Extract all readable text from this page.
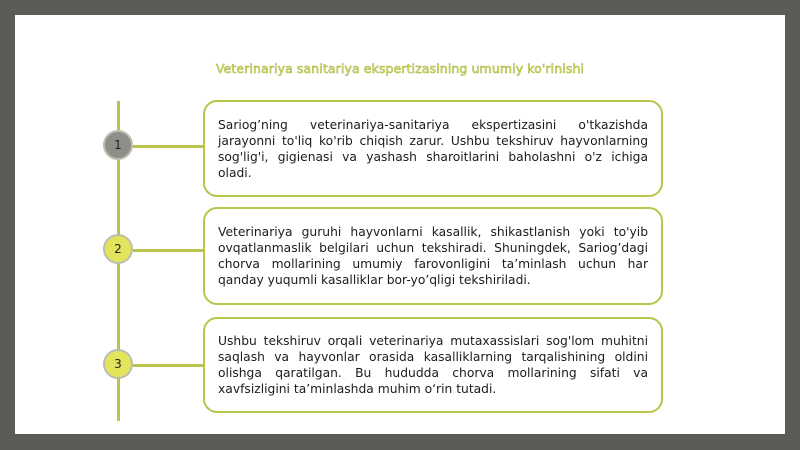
Veterinariya sanitariya ekspertizasining umumiy ko'rinishi
1

Sariog’ning veterinariya-sanitariya ekspertizasini o'tkazishda jarayonni to'liq ko'rib chiqish zarur. Ushbu tekshiruv hayvonlarning sog'lig'i, gigienasi va yashash sharoitlarini baholashni o'z ichiga oladi.

2

Veterinariya guruhi hayvonlarni kasallik, shikastlanish yoki to'yib ovqatlanmaslik belgilari uchun tekshiradi. Shuningdek, Sariog’dagi chorva mollarining umumiy farovonligini ta’minlash uchun har qanday yuqumli kasalliklar bor-yo’qligi tekshiriladi.

3

Ushbu tekshiruv orqali veterinariya mutaxassislari sog'lom muhitni saqlash va hayvonlar orasida kasalliklarning tarqalishining oldini olishga qaratilgan. Bu hududda chorva mollarining sifati va xavfsizligini ta’minlashda muhim o‘rin tutadi.
